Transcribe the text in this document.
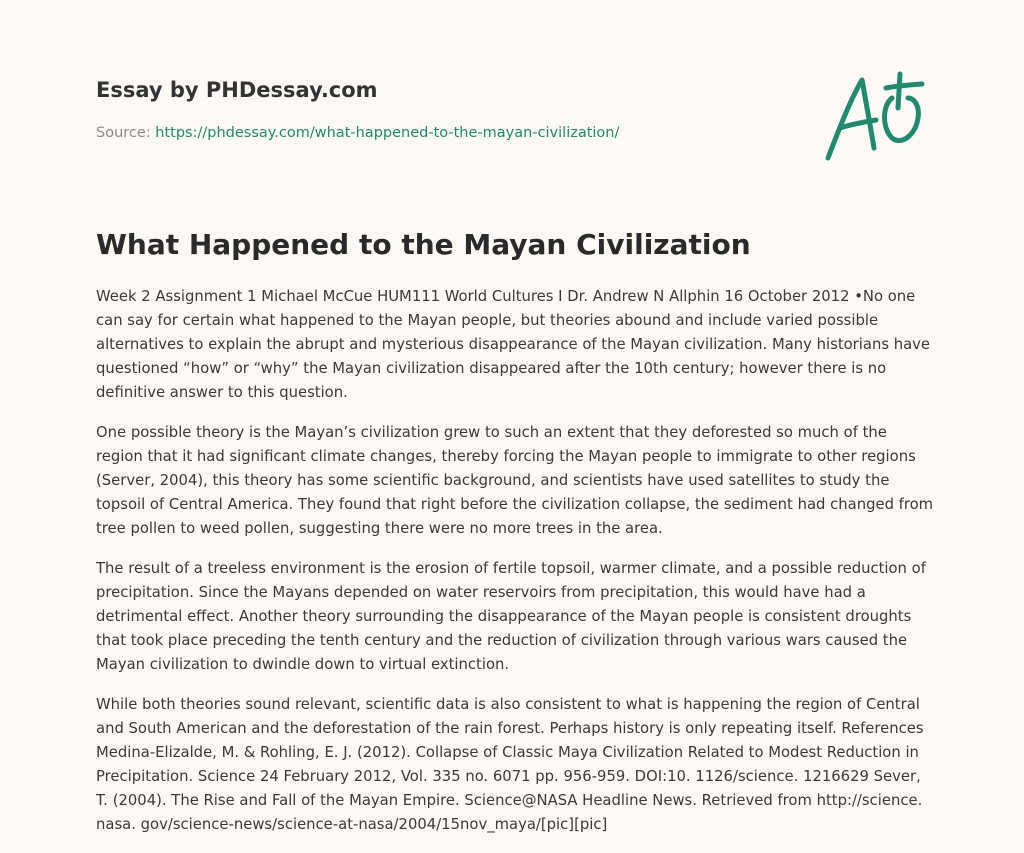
Essay by PHDessay.com
Source: https://phdessay.com/what-happened-to-the-mayan-civilization/
What Happened to the Mayan Civilization

Week 2 Assignment 1 Michael McCue HUM111 World Cultures I Dr. Andrew N Allphin 16 October 2012 •No one can say for certain what happened to the Mayan people, but theories abound and include varied possible alternatives to explain the abrupt and mysterious disappearance of the Mayan civilization. Many historians have questioned “how” or “why” the Mayan civilization disappeared after the 10th century; however there is no definitive answer to this question.

One possible theory is the Mayan’s civilization grew to such an extent that they deforested so much of the region that it had significant climate changes, thereby forcing the Mayan people to immigrate to other regions (Server, 2004), this theory has some scientific background, and scientists have used satellites to study the topsoil of Central America. They found that right before the civilization collapse, the sediment had changed from tree pollen to weed pollen, suggesting there were no more trees in the area.

The result of a treeless environment is the erosion of fertile topsoil, warmer climate, and a possible reduction of precipitation. Since the Mayans depended on water reservoirs from precipitation, this would have had a detrimental effect. Another theory surrounding the disappearance of the Mayan people is consistent droughts that took place preceding the tenth century and the reduction of civilization through various wars caused the Mayan civilization to dwindle down to virtual extinction.

While both theories sound relevant, scientific data is also consistent to what is happening the region of Central and South American and the deforestation of the rain forest. Perhaps history is only repeating itself. References Medina-Elizalde, M. & Rohling, E. J. (2012). Collapse of Classic Maya Civilization Related to Modest Reduction in Precipitation. Science 24 February 2012, Vol. 335 no. 6071 pp. 956-959. DOI:10. 1126/science. 1216629 Sever, T. (2004). The Rise and Fall of the Mayan Empire. Science@NASA Headline News. Retrieved from http://science. nasa. gov/science-news/science-at-nasa/2004/15nov_maya/[pic][pic]
